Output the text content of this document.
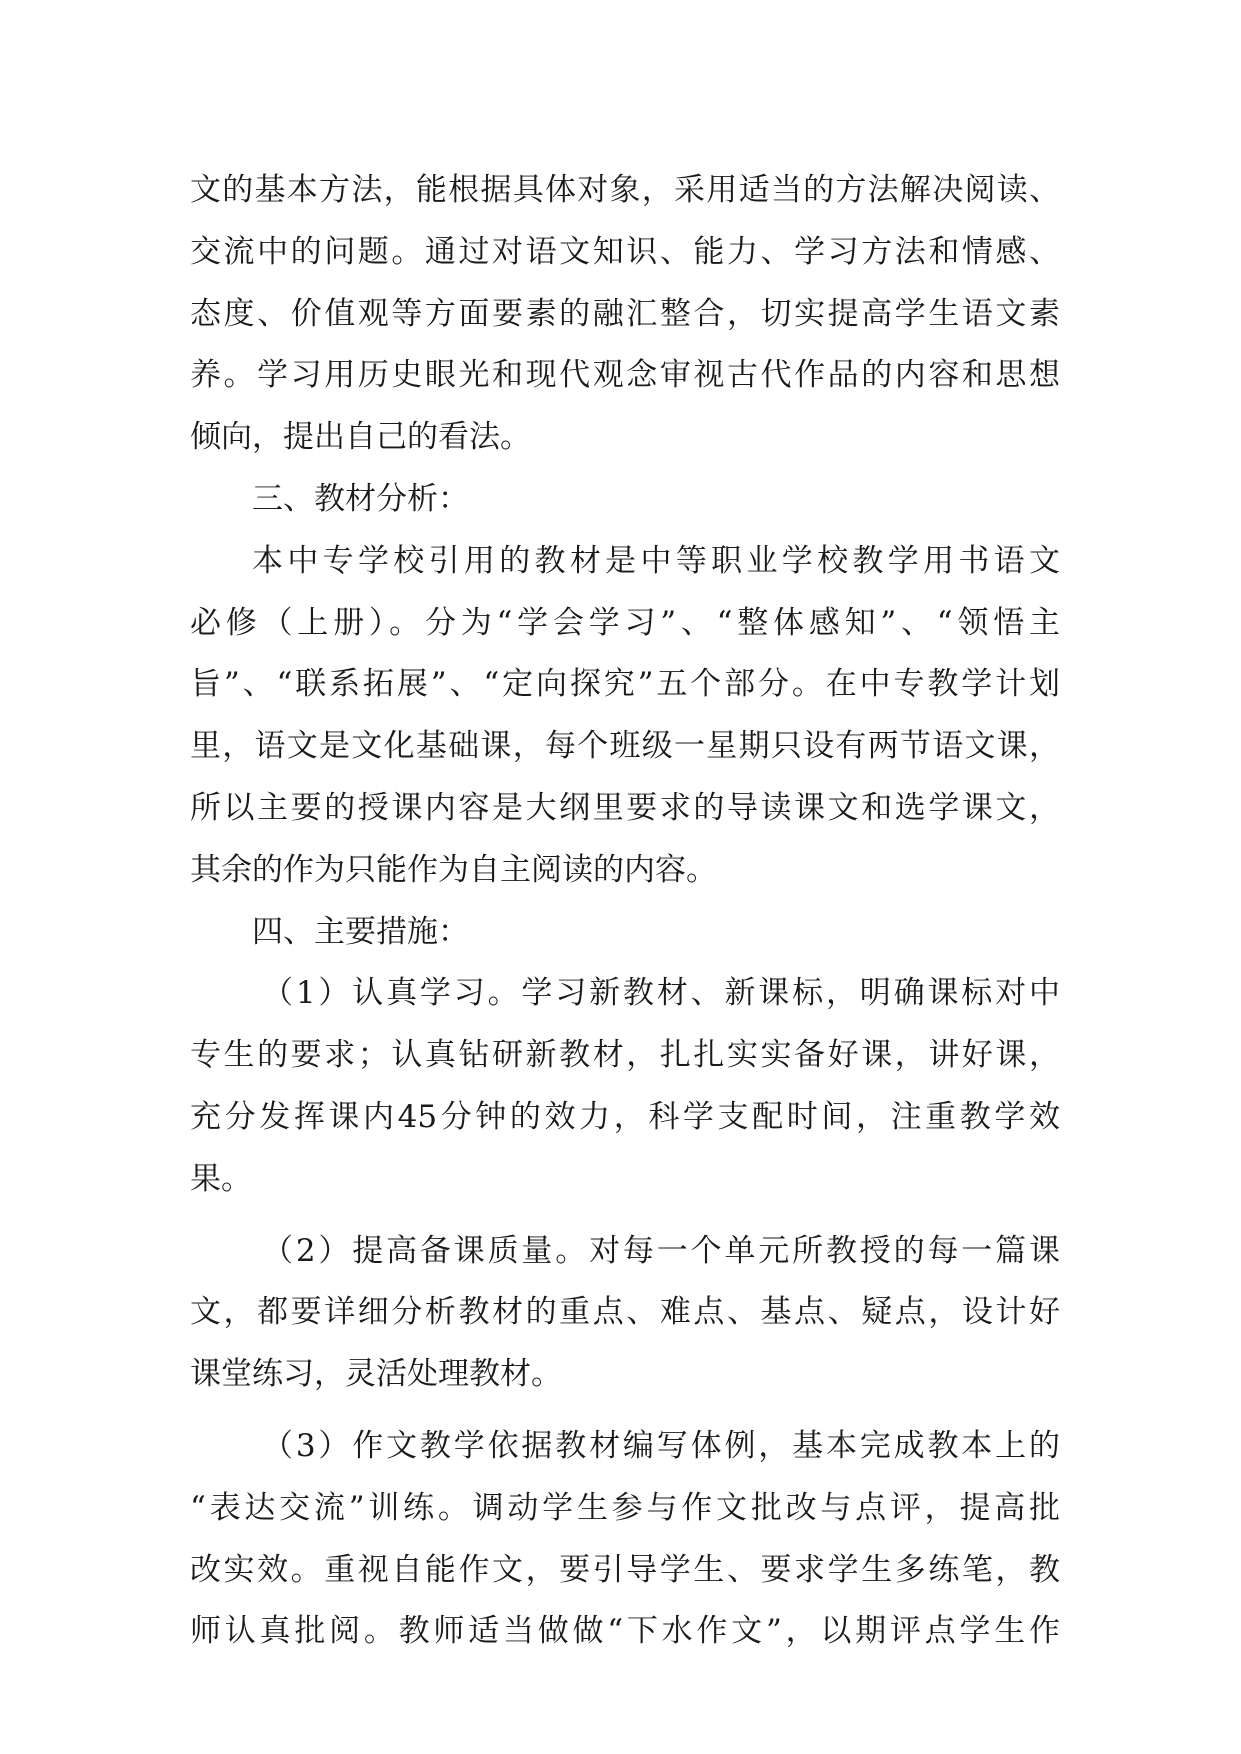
文的基本方法，能根据具体对象，采用适当的方法解决阅读、
交流中的问题。通过对语文知识、能力、学习方法和情感、
态度、价值观等方面要素的融汇整合，切实提高学生语文素
养。学习用历史眼光和现代观念审视古代作品的内容和思想
倾向，提出自己的看法。
三、教材分析：
本中专学校引用的教材是中等职业学校教学用书语文
必修（上册）。分为“学会学习”、“整体感知”、“领悟主
旨”、“联系拓展”、“定向探究”五个部分。在中专教学计划
里，语文是文化基础课，每个班级一星期只设有两节语文课，
所以主要的授课内容是大纲里要求的导读课文和选学课文，
其余的作为只能作为自主阅读的内容。
四、主要措施：
（1）认真学习。学习新教材、新课标，明确课标对中
专生的要求；认真钻研新教材，扎扎实实备好课，讲好课，
充分发挥课内45分钟的效力，科学支配时间，注重教学效
果。
（2）提高备课质量。对每一个单元所教授的每一篇课
文，都要详细分析教材的重点、难点、基点、疑点，设计好
课堂练习，灵活处理教材。
（3）作文教学依据教材编写体例，基本完成教本上的
“表达交流”训练。调动学生参与作文批改与点评，提高批
改实效。重视自能作文，要引导学生、要求学生多练笔，教
师认真批阅。教师适当做做“下水作文”，以期评点学生作
